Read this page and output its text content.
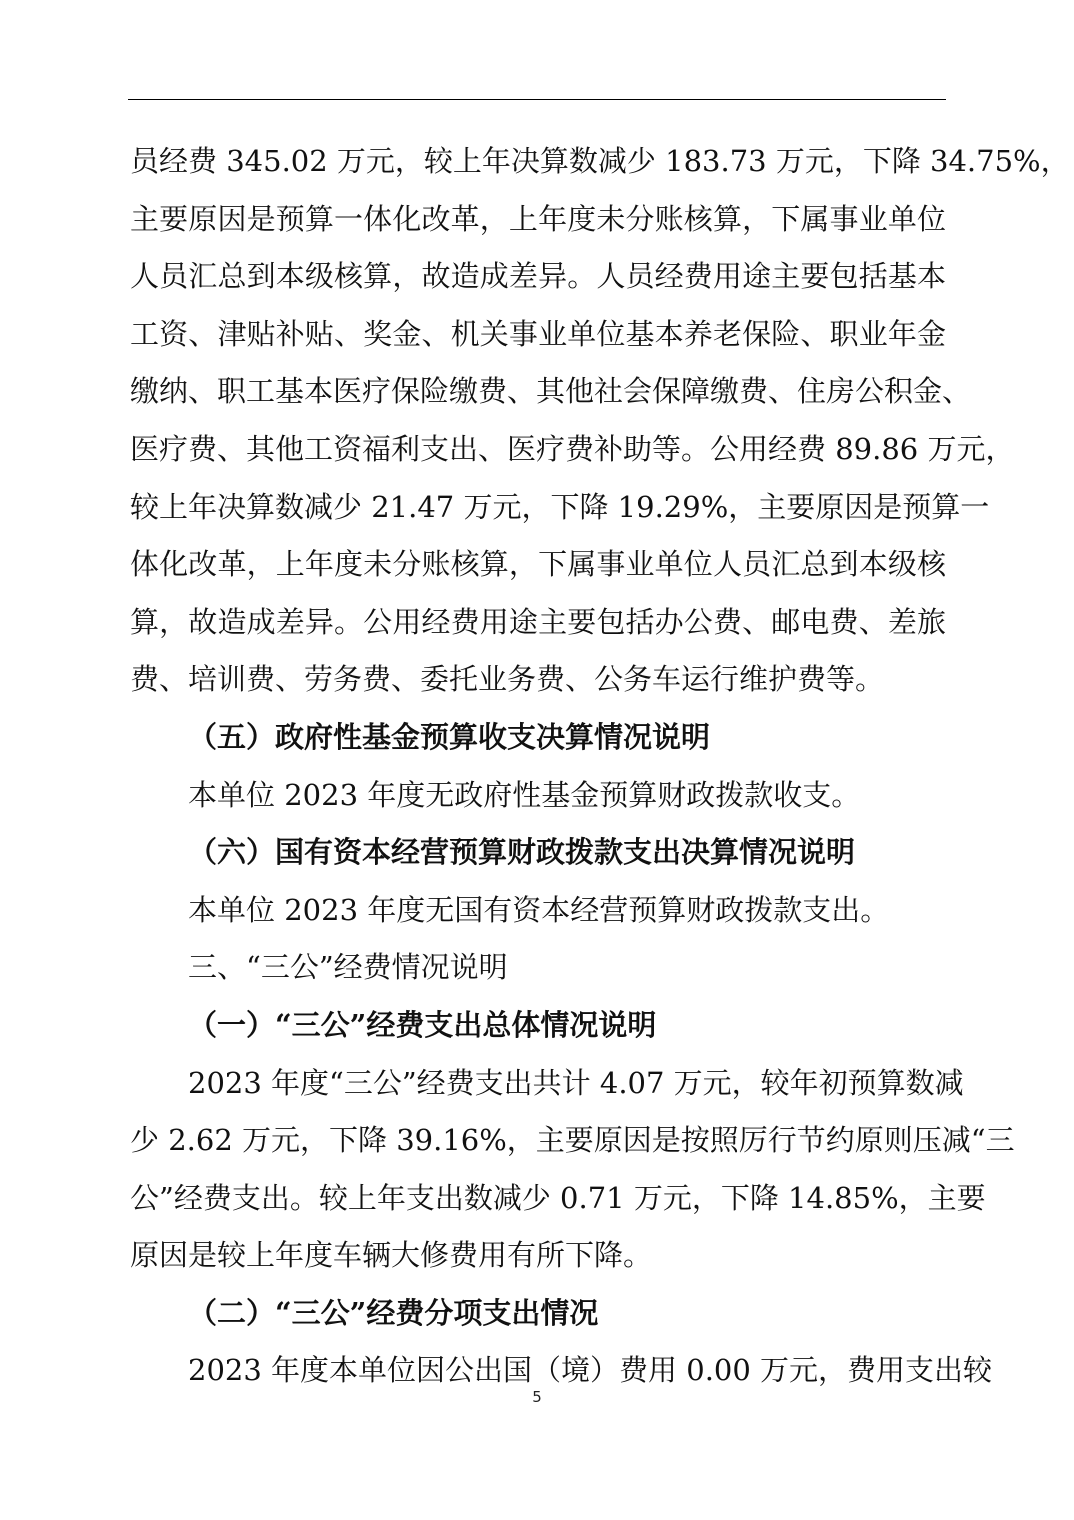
员经费 345.02 万元，较上年决算数减少 183.73 万元，下降 34.75%，
主要原因是预算一体化改革，上年度未分账核算，下属事业单位
人员汇总到本级核算，故造成差异。人员经费用途主要包括基本
工资、津贴补贴、奖金、机关事业单位基本养老保险、职业年金
缴纳、职工基本医疗保险缴费、其他社会保障缴费、住房公积金、
医疗费、其他工资福利支出、医疗费补助等。公用经费 89.86 万元，
较上年决算数减少 21.47 万元，下降 19.29%，主要原因是预算一
体化改革，上年度未分账核算，下属事业单位人员汇总到本级核
算，故造成差异。公用经费用途主要包括办公费、邮电费、差旅
费、培训费、劳务费、委托业务费、公务车运行维护费等。
（五）政府性基金预算收支决算情况说明
本单位 2023 年度无政府性基金预算财政拨款收支。
（六）国有资本经营预算财政拨款支出决算情况说明
本单位 2023 年度无国有资本经营预算财政拨款支出。
三、“三公”经费情况说明
（一）“三公”经费支出总体情况说明
2023 年度“三公”经费支出共计 4.07 万元，较年初预算数减
少 2.62 万元，下降 39.16%，主要原因是按照厉行节约原则压减“三
公”经费支出。较上年支出数减少 0.71 万元，下降 14.85%，主要
原因是较上年度车辆大修费用有所下降。
（二）“三公”经费分项支出情况
2023 年度本单位因公出国（境）费用 0.00 万元，费用支出较
5
